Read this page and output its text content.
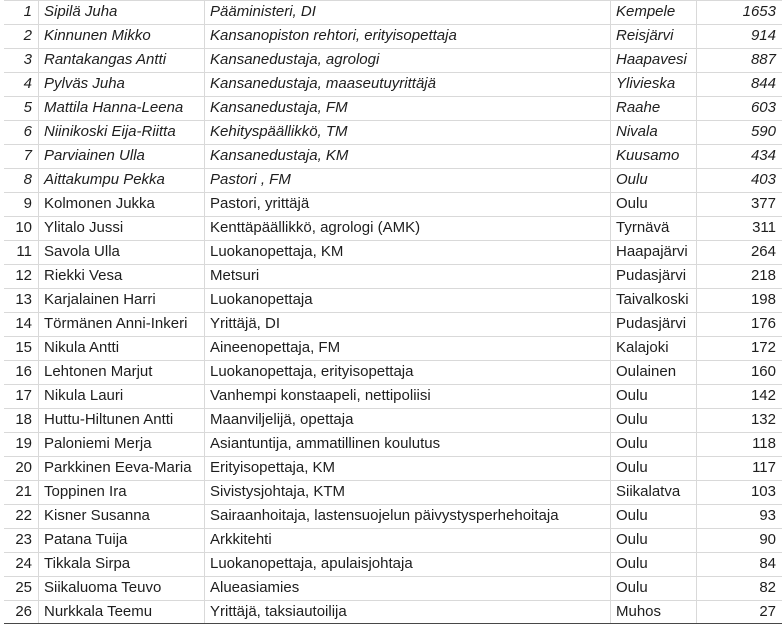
1 Sipilä Juha	Pääministeri, DI	Kempele	1653
2 Kinnunen Mikko	Kansanopiston rehtori, erityisopettaja	Reisjärvi	914
3 Rantakangas Antti	Kansanedustaja, agrologi	Haapavesi	887
4 Pylväs Juha	Kansanedustaja, maaseutuyrittäjä	Ylivieska	844
5 Mattila Hanna-Leena	Kansanedustaja, FM	Raahe	603
6 Niinikoski Eija-Riitta	Kehityspäällikkö, TM	Nivala	590
7 Parviainen Ulla	Kansanedustaja, KM	Kuusamo	434
8 Aittakumpu Pekka	Pastori , FM	Oulu	403
9 Kolmonen Jukka	Pastori, yrittäjä	Oulu	377
10 Ylitalo Jussi	Kenttäpäällikkö, agrologi (AMK)	Tyrnävä	311
11 Savola Ulla	Luokanopettaja, KM	Haapajärvi	264
12 Riekki Vesa	Metsuri	Pudasjärvi	218
13 Karjalainen Harri	Luokanopettaja	Taivalkoski	198
14 Törmänen Anni-Inkeri	Yrittäjä, DI	Pudasjärvi	176
15 Nikula Antti	Aineenopettaja, FM	Kalajoki	172
16 Lehtonen Marjut	Luokanopettaja, erityisopettaja	Oulainen	160
17 Nikula Lauri	Vanhempi konstaapeli, nettipoliisi	Oulu	142
18 Huttu-Hiltunen Antti	Maanviljelijä, opettaja	Oulu	132
19 Paloniemi Merja	Asiantuntija, ammatillinen koulutus	Oulu	118
20 Parkkinen Eeva-Maria	Erityisopettaja, KM	Oulu	117
21 Toppinen Ira	Sivistysjohtaja, KTM	Siikalatva	103
22 Kisner Susanna	Sairaanhoitaja, lastensuojelun päivystysperhehoitaja	Oulu	93
23 Patana Tuija	Arkkitehti	Oulu	90
24 Tikkala Sirpa	Luokanopettaja, apulaisjohtaja	Oulu	84
25 Siikaluoma Teuvo	Alueasiamies	Oulu	82
26 Nurkkala Teemu	Yrittäjä, taksiautoilija	Muhos	27
